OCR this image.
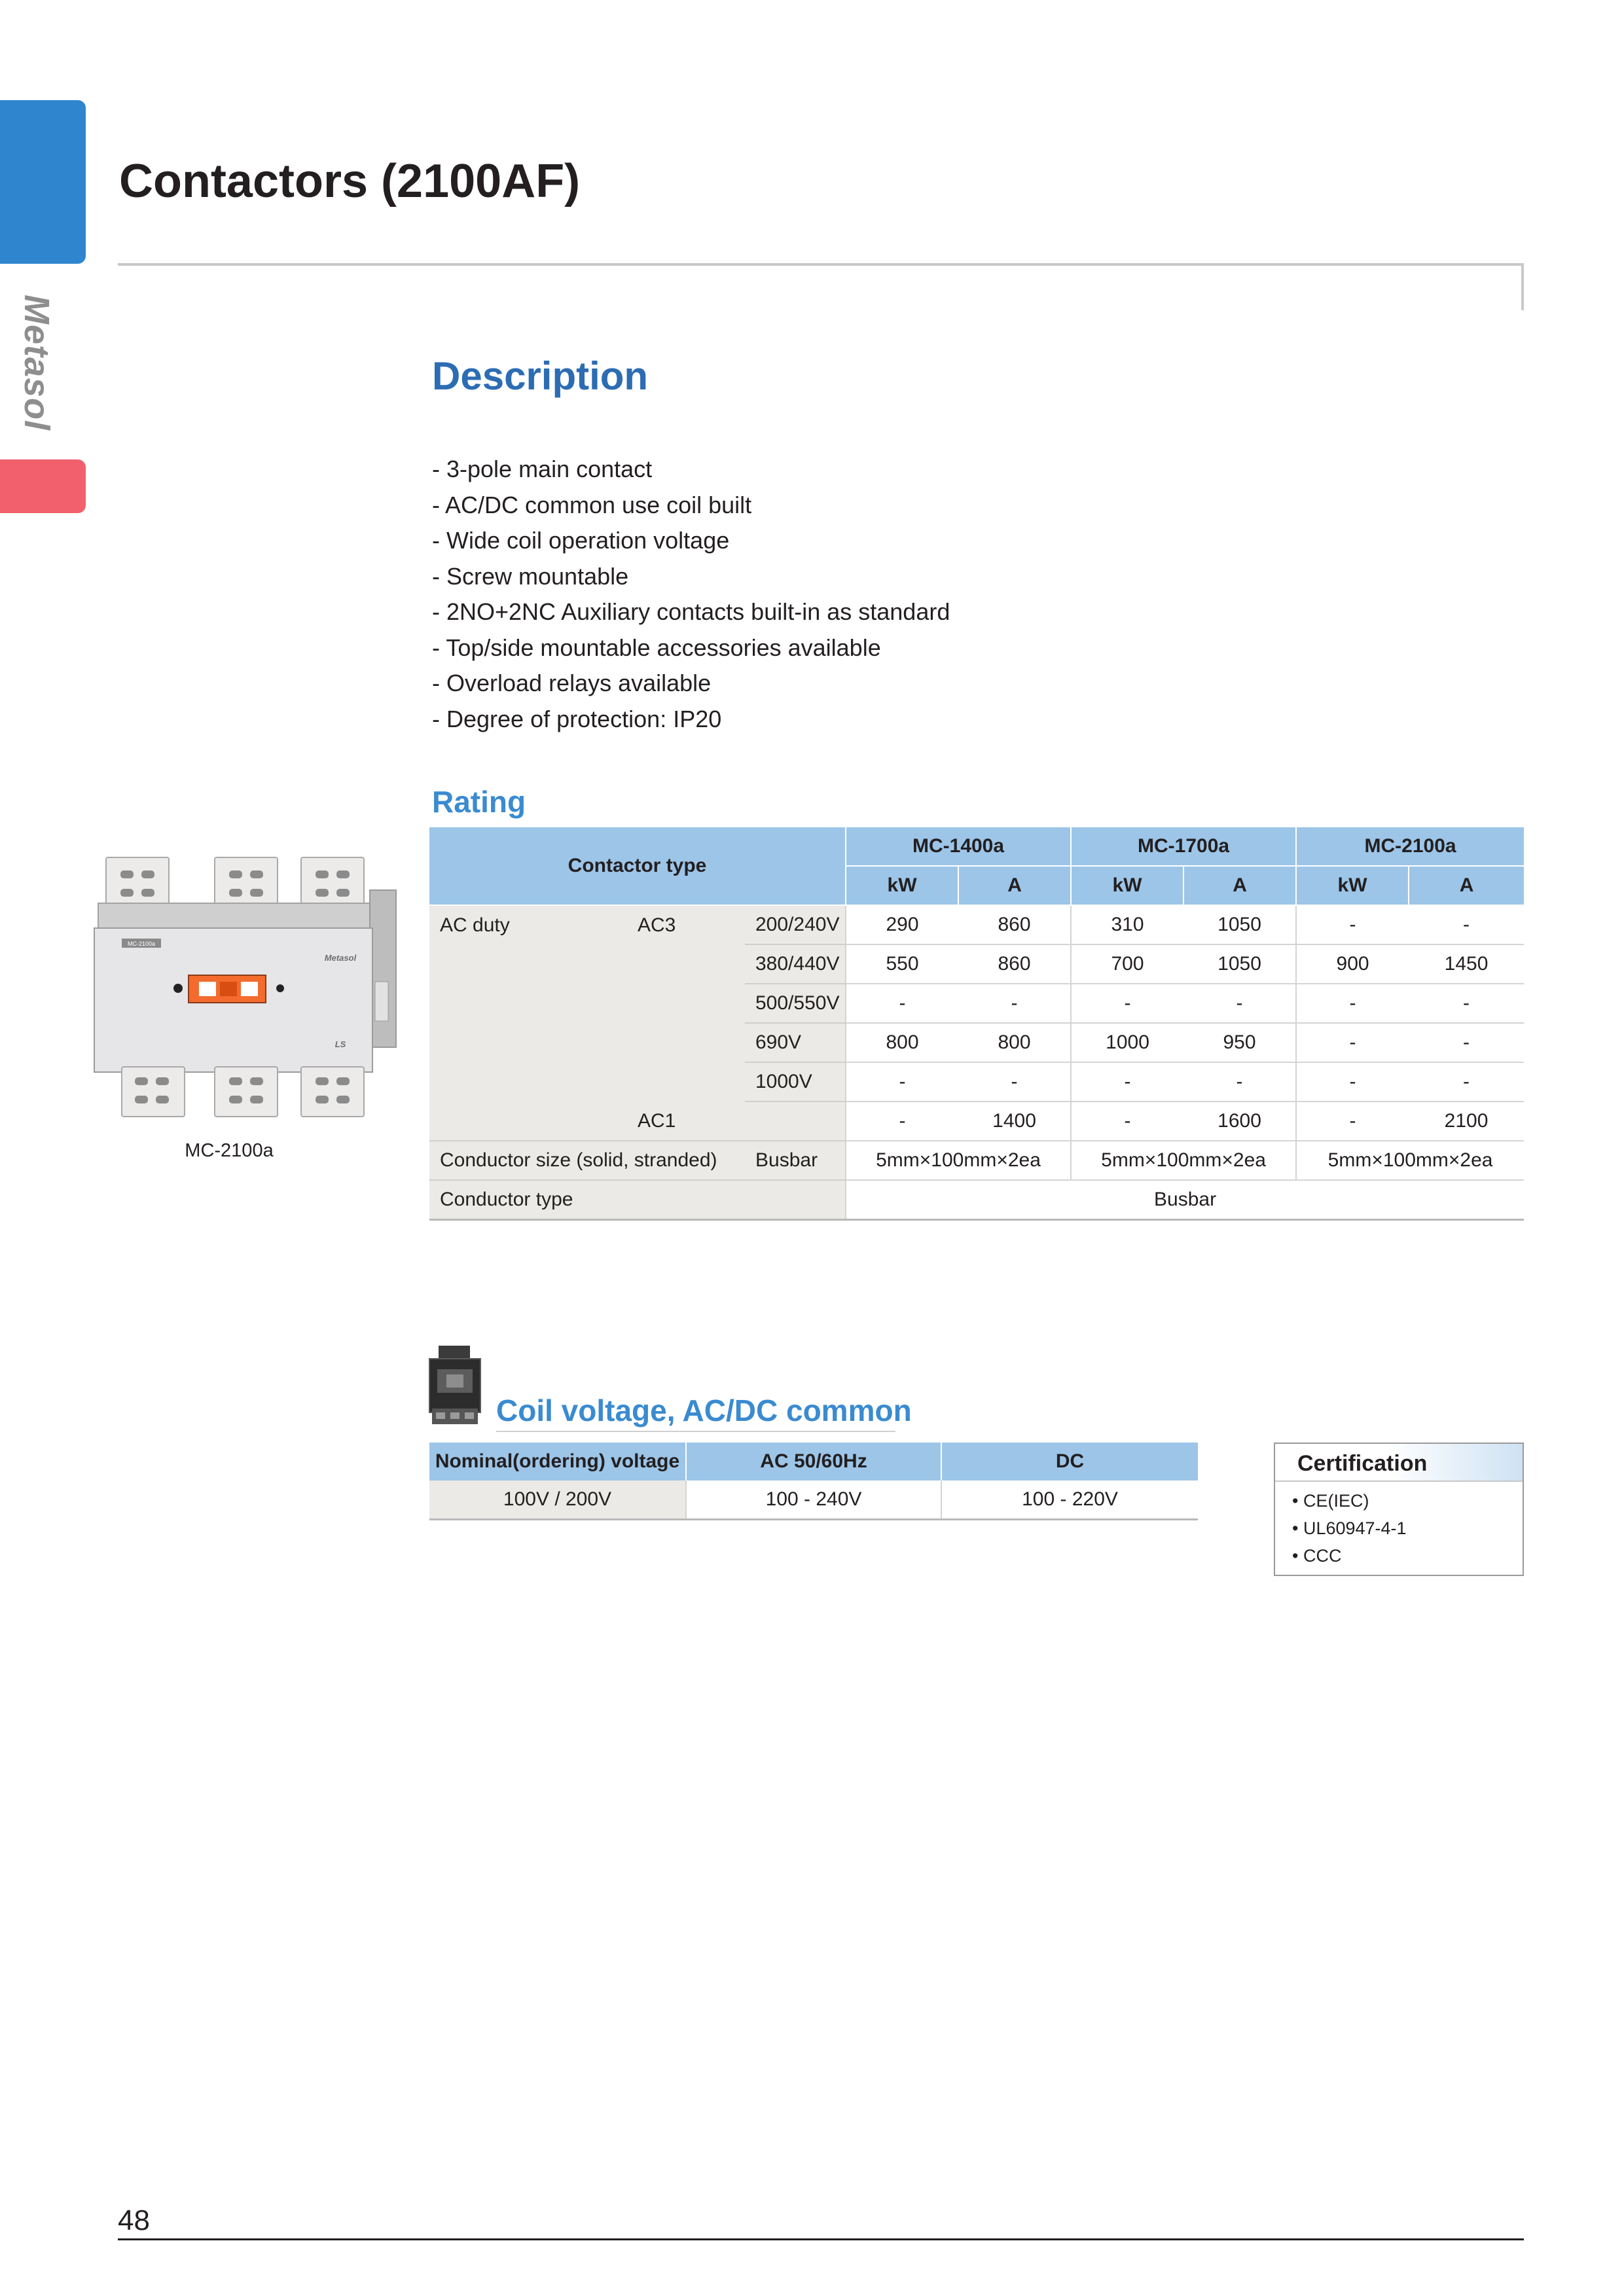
Metasol
Contactors (2100AF)
Description
- 3-pole main contact
- AC/DC common use coil built
- Wide coil operation voltage
- Screw mountable
- 2NO+2NC Auxiliary contacts built-in as standard
- Top/side mountable accessories available
- Overload relays available
- Degree of protection: IP20
MC-2100a
Metasol
LS
MC-2100a
Rating
Contactor type			MC-1400a		MC-1700a		MC-2100a	
			kW	A	kW	A	kW	A
AC duty	AC3	200/240V	290	860	310	1050	-	-
		380/440V	550	860	700	1050	900	1450
		500/550V	-	-	-	-	-	-
		690V	800	800	1000	950	-	-
		1000V	-	-	-	-	-	-
	AC1		-	1400	-	1600	-	2100
Conductor size (solid, stranded)		Busbar	5mm×100mm×2ea		5mm×100mm×2ea		5mm×100mm×2ea	
Conductor type			Busbar					
Coil voltage, AC/DC common
Nominal(ordering) voltage	AC 50/60Hz	DC
100V / 200V	100 - 240V	100 - 220V
Certification
• CE(IEC)
• UL60947-4-1
• CCC
48
